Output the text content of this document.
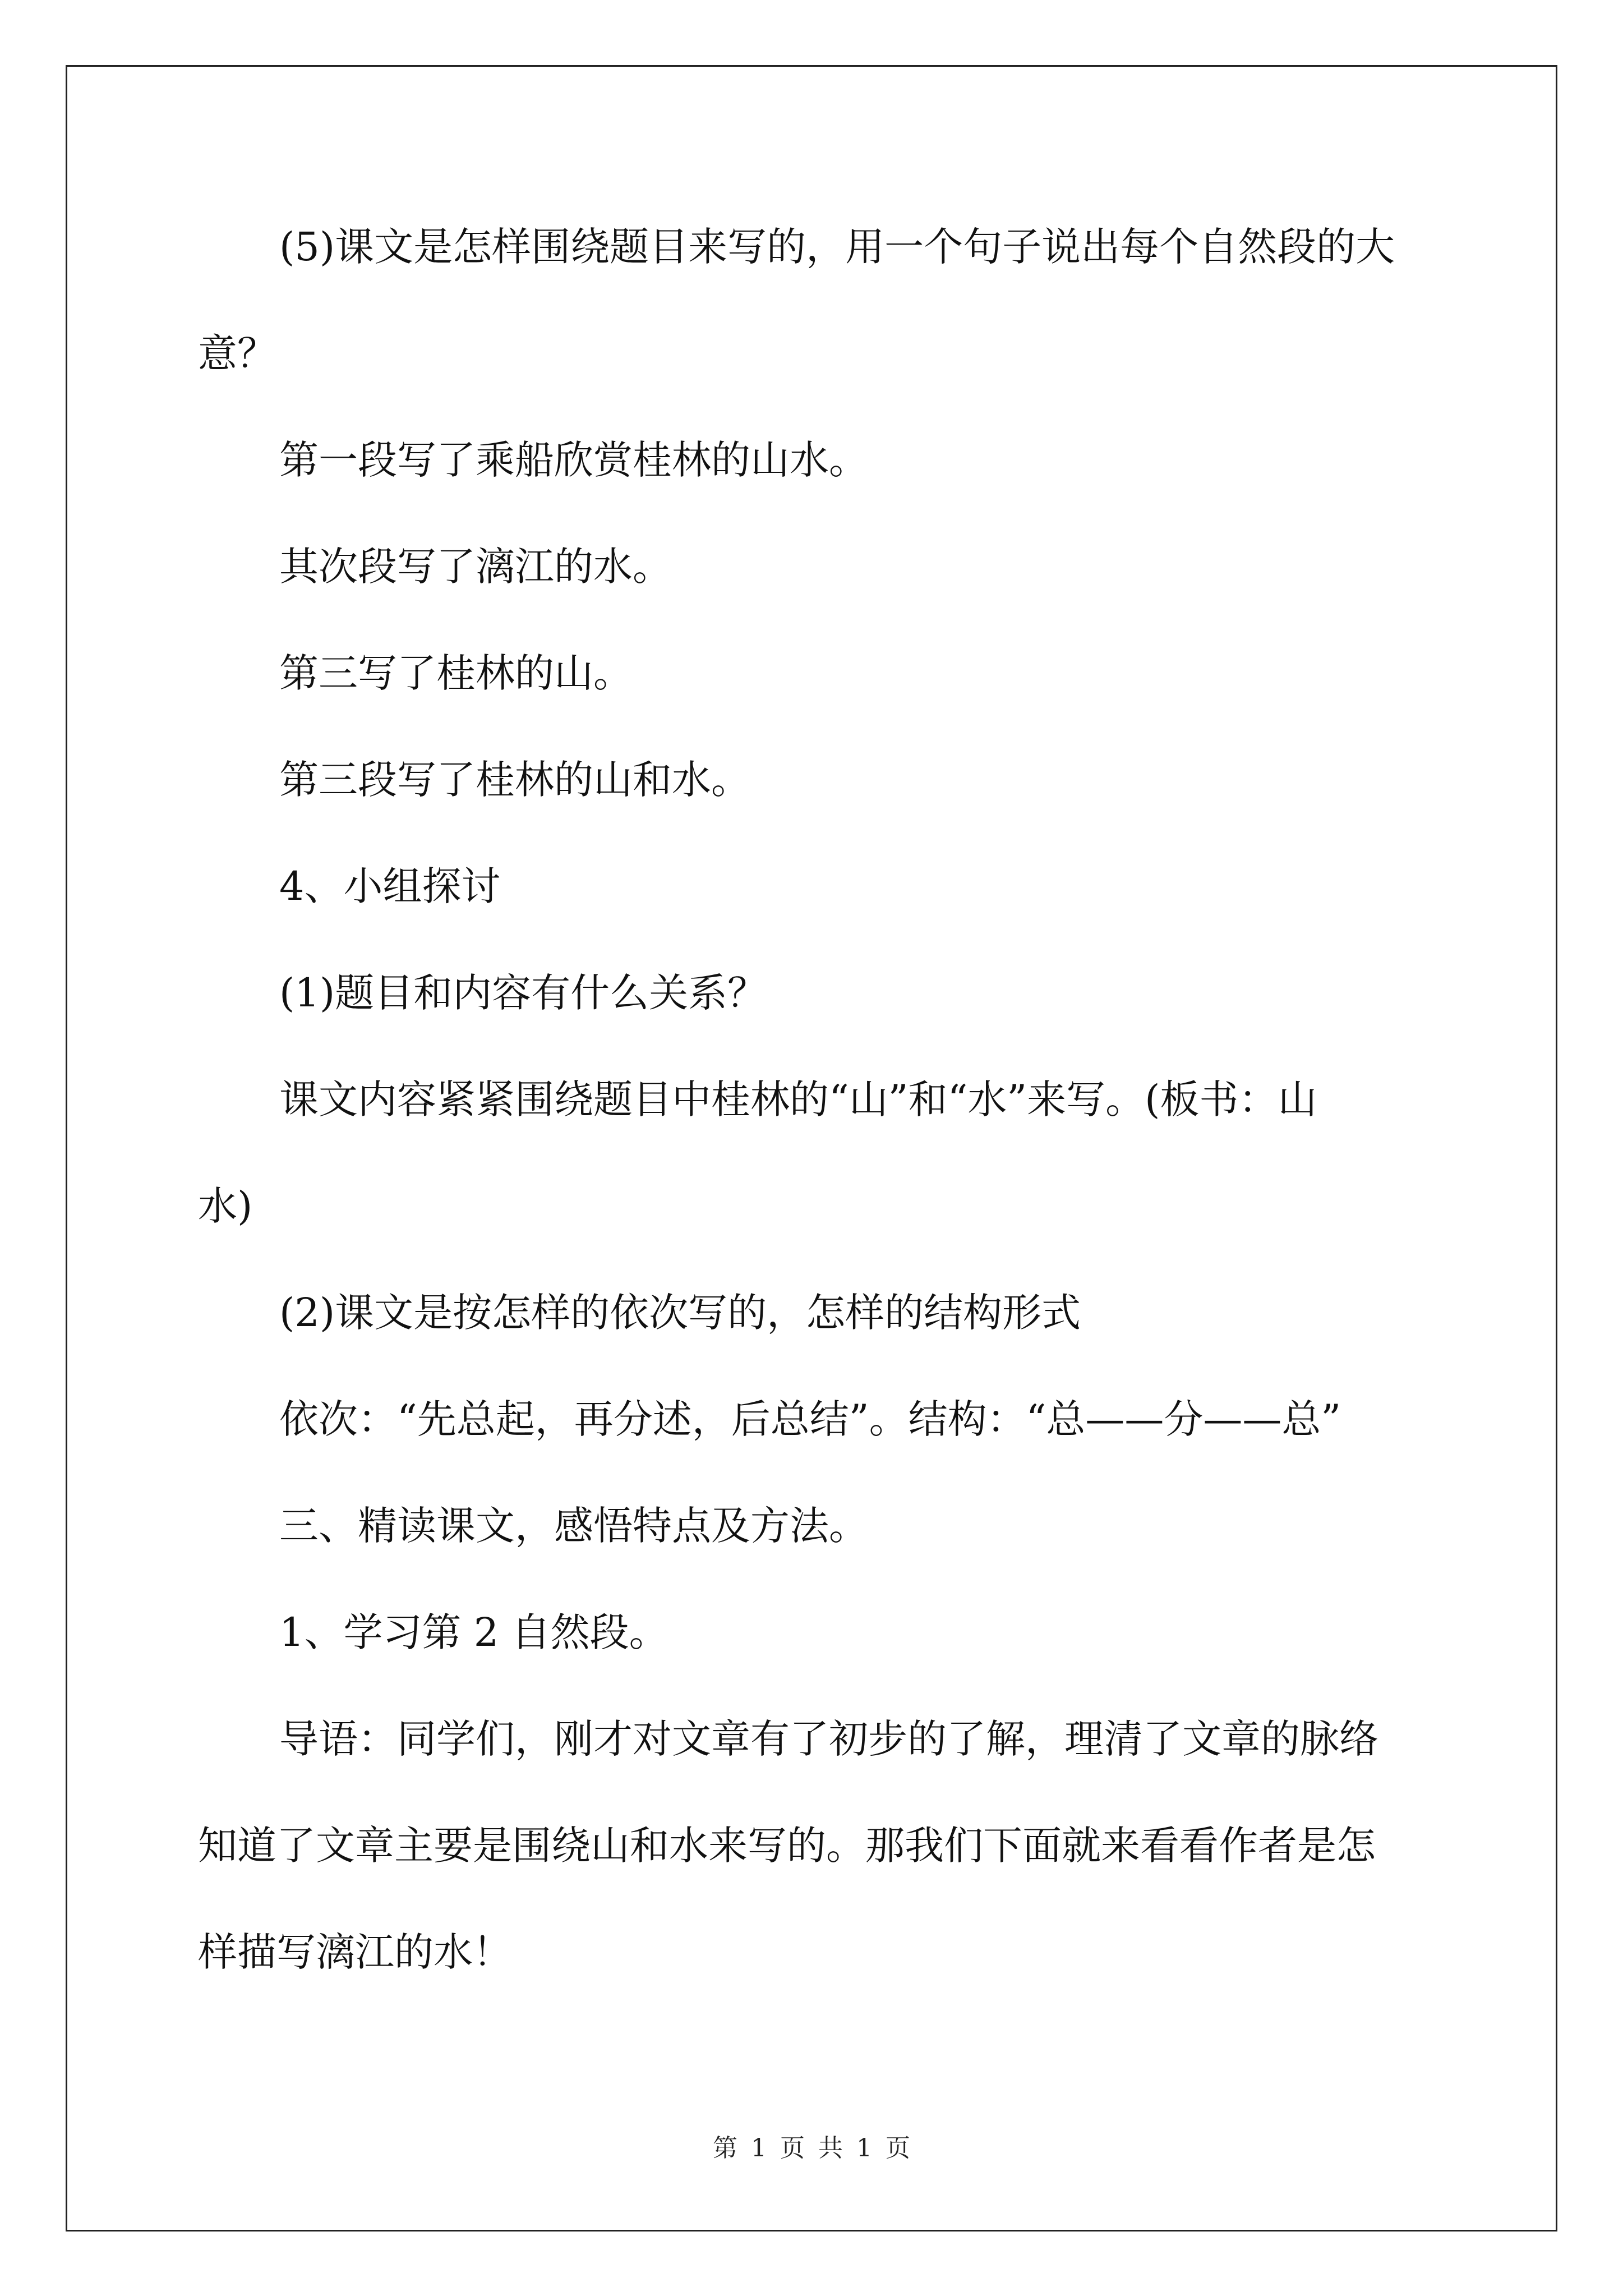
(5)课文是怎样围绕题目来写的，用一个句子说出每个自然段的大
意？
第一段写了乘船欣赏桂林的山水。
其次段写了漓江的水。
第三写了桂林的山。
第三段写了桂林的山和水。
4、小组探讨
(1)题目和内容有什么关系？
课文内容紧紧围绕题目中桂林的“山”和“水”来写。(板书：山
水)
(2)课文是按怎样的依次写的，怎样的结构形式
依次：“先总起，再分述，后总结”。结构：“总——分——总”
三、精读课文，感悟特点及方法。
1、学习第 2 自然段。
导语：同学们，刚才对文章有了初步的了解，理清了文章的脉络
知道了文章主要是围绕山和水来写的。那我们下面就来看看作者是怎
样描写漓江的水！
第 1 页 共 1 页
